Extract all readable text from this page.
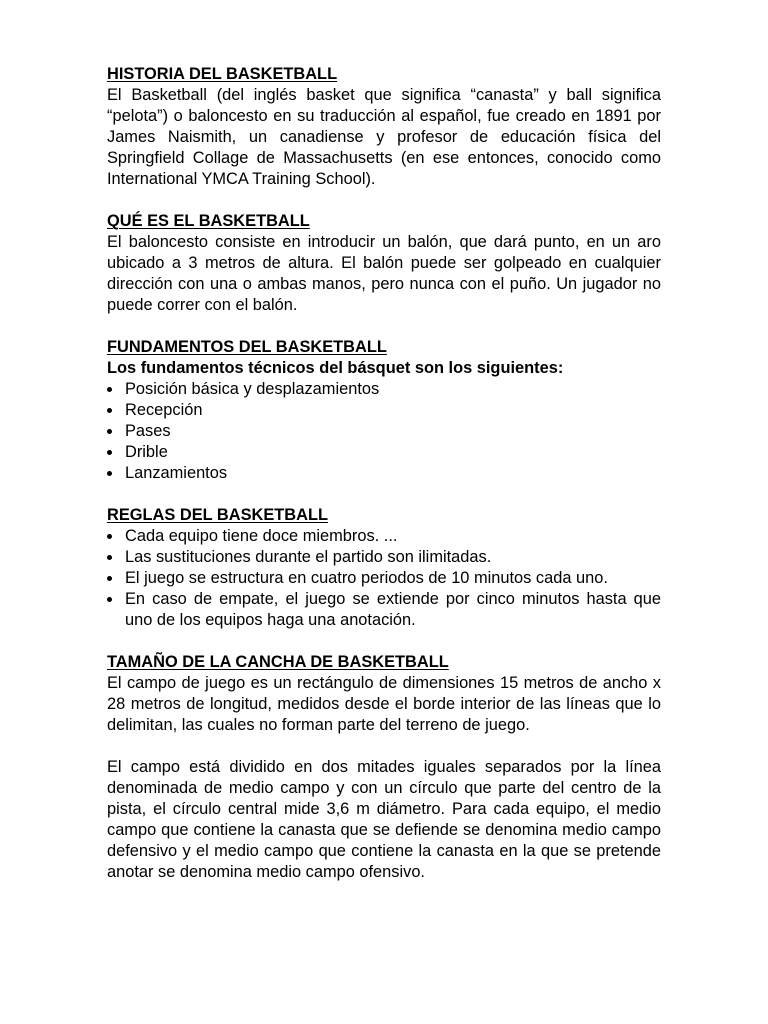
HISTORIA DEL BASKETBALL

El Basketball (del inglés basket que significa “canasta” y ball significa “pelota”) o baloncesto en su traducción al español, fue creado en 1891 por James Naismith, un canadiense y profesor de educación física del Springfield Collage de Massachusetts (en ese entonces, conocido como International YMCA Training School).

QUÉ ES EL BASKETBALL

El baloncesto consiste en introducir un balón, que dará punto, en un aro ubicado a 3 metros de altura. El balón puede ser golpeado en cualquier dirección con una o ambas manos, pero nunca con el puño. Un jugador no puede correr con el balón.

FUNDAMENTOS DEL BASKETBALL

Los fundamentos técnicos del básquet son los siguientes:

Posición básica y desplazamientos
Recepción
Pases
Drible
Lanzamientos

REGLAS DEL BASKETBALL

Cada equipo tiene doce miembros. ...
Las sustituciones durante el partido son ilimitadas.
El juego se estructura en cuatro periodos de 10 minutos cada uno.
En caso de empate, el juego se extiende por cinco minutos hasta que uno de los equipos haga una anotación.

TAMAÑO DE LA CANCHA DE BASKETBALL

El campo de juego es un rectángulo de dimensiones 15 metros de ancho x 28 metros de longitud, medidos desde el borde interior de las líneas que lo delimitan, las cuales no forman parte del terreno de juego.

El campo está dividido en dos mitades iguales separados por la línea denominada de medio campo y con un círculo que parte del centro de la pista, el círculo central mide 3,6 m diámetro. Para cada equipo, el medio campo que contiene la canasta que se defiende se denomina medio campo defensivo y el medio campo que contiene la canasta en la que se pretende anotar se denomina medio campo ofensivo.
